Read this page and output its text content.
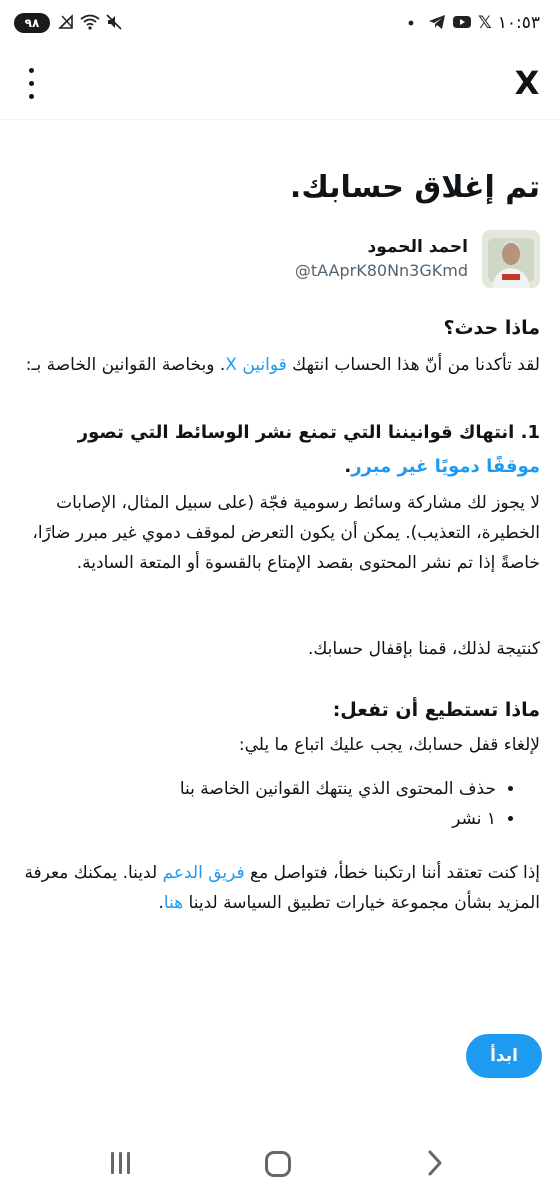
٩٨	𝕏 ١٠:٥٣
X
تم إغلاق حسابك.
احمد الحمود
@tAAprK80Nn3GKmd
ماذا حدث؟

لقد تأكدنا من أنّ هذا الحساب انتهك قوانين X. وبخاصة القوانين الخاصة بـ:

1. انتهاك قوانيننا التي تمنع نشر الوسائط التي تصور موقفًا دمويًا غير مبرر.

لا يجوز لك مشاركة وسائط رسومية فجّة (على سبيل المثال، الإصابات الخطيرة، التعذيب). يمكن أن يكون التعرض لموقف دموي غير مبرر ضارًا، خاصةً إذا تم نشر المحتوى بقصد الإمتاع بالقسوة أو المتعة السادية.

كنتيجة لذلك، قمنا بإقفال حسابك.

ماذا تستطيع أن تفعل:

لإلغاء قفل حسابك، يجب عليك اتباع ما يلي:

• حذف المحتوى الذي ينتهك القوانين الخاصة بنا
• ١ نشر

إذا كنت تعتقد أننا ارتكبنا خطأ، فتواصل مع فريق الدعم لدينا. يمكنك معرفة المزيد بشأن مجموعة خيارات تطبيق السياسة لدينا هنا.

ابدأ
